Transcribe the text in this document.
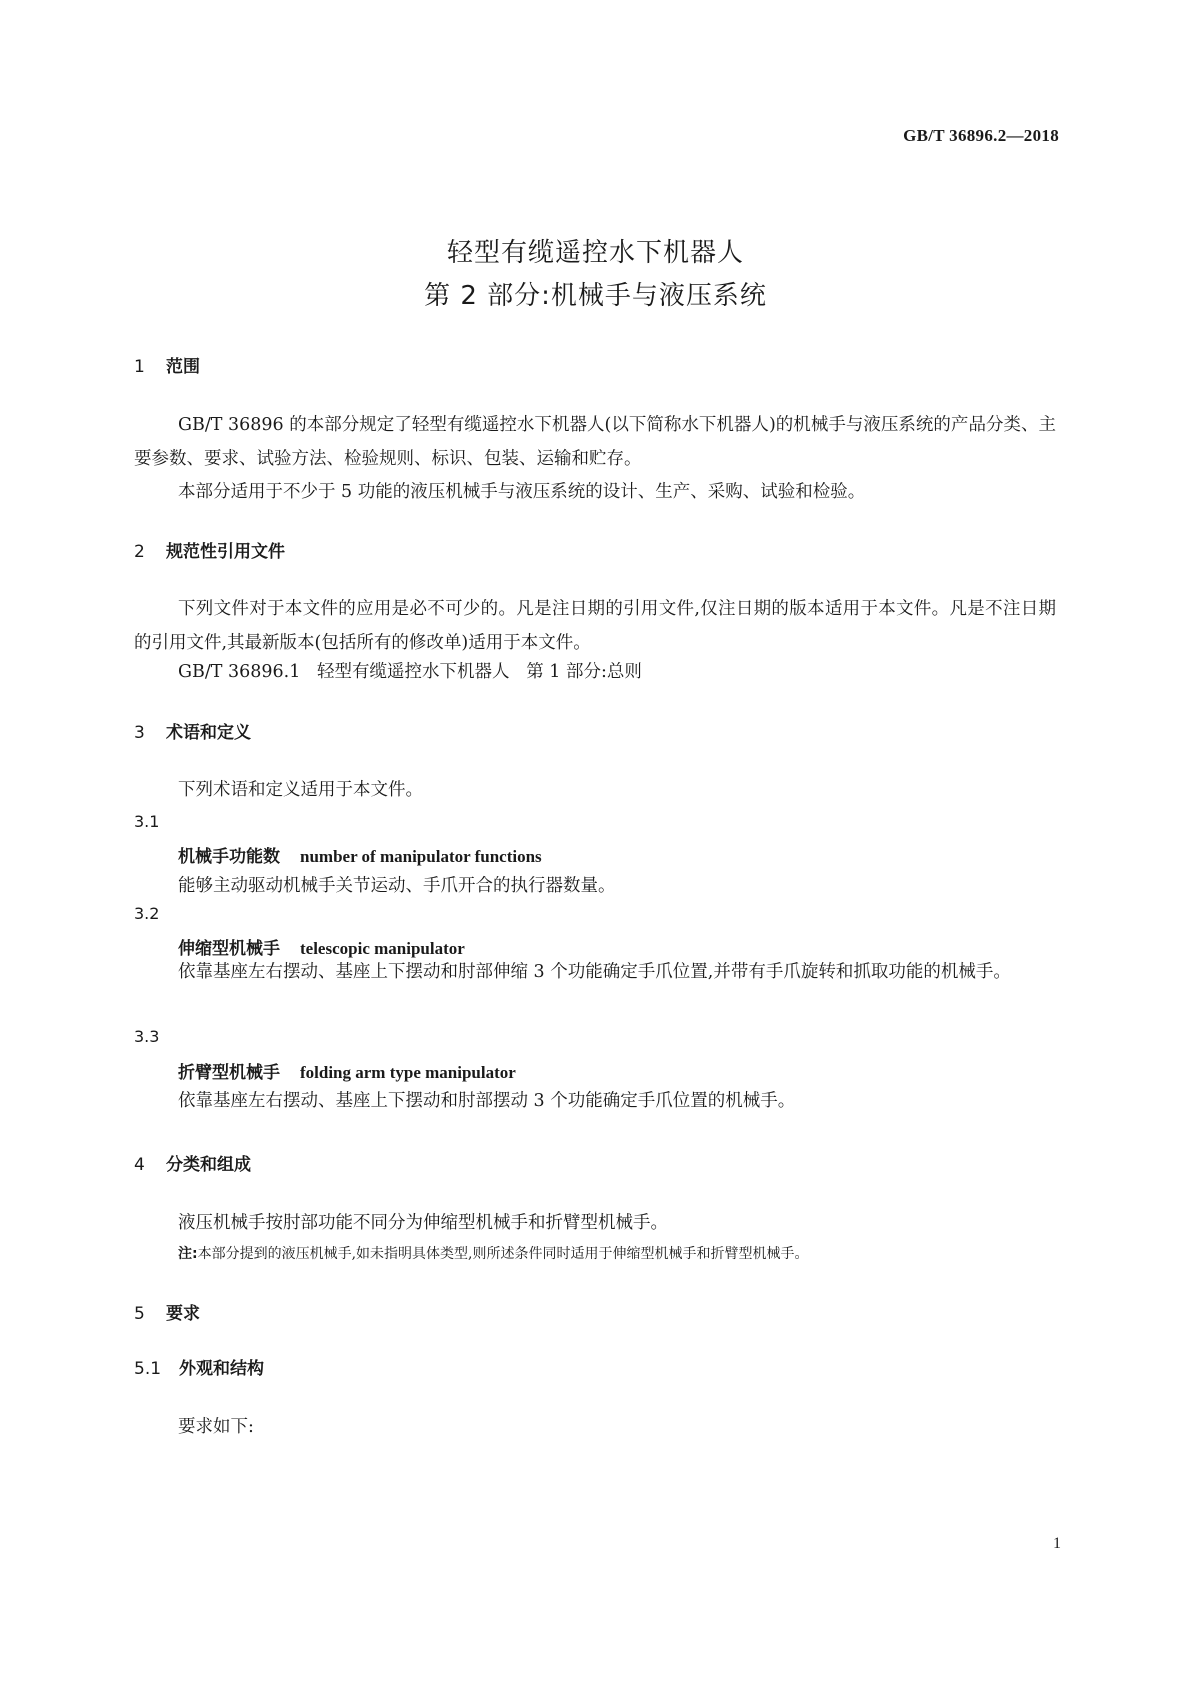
GB/T 36896.2—2018
轻型有缆遥控水下机器人
第 2 部分:机械手与液压系统
1 范围
GB/T 36896 的本部分规定了轻型有缆遥控水下机器人(以下简称水下机器人)的机械手与液压系统的产品分类、主要参数、要求、试验方法、检验规则、标识、包装、运输和贮存。
本部分适用于不少于 5 功能的液压机械手与液压系统的设计、生产、采购、试验和检验。
2 规范性引用文件
下列文件对于本文件的应用是必不可少的。凡是注日期的引用文件,仅注日期的版本适用于本文件。凡是不注日期的引用文件,其最新版本(包括所有的修改单)适用于本文件。
GB/T 36896.1   轻型有缆遥控水下机器人   第 1 部分:总则
3 术语和定义
下列术语和定义适用于本文件。
3.1
机械手功能数 number of manipulator functions
能够主动驱动机械手关节运动、手爪开合的执行器数量。
3.2
伸缩型机械手 telescopic manipulator
依靠基座左右摆动、基座上下摆动和肘部伸缩 3 个功能确定手爪位置,并带有手爪旋转和抓取功能的机械手。
3.3
折臂型机械手 folding arm type manipulator
依靠基座左右摆动、基座上下摆动和肘部摆动 3 个功能确定手爪位置的机械手。
4 分类和组成
液压机械手按肘部功能不同分为伸缩型机械手和折臂型机械手。
注:本部分提到的液压机械手,如未指明具体类型,则所述条件同时适用于伸缩型机械手和折臂型机械手。
5 要求
5.1 外观和结构
要求如下:
1
